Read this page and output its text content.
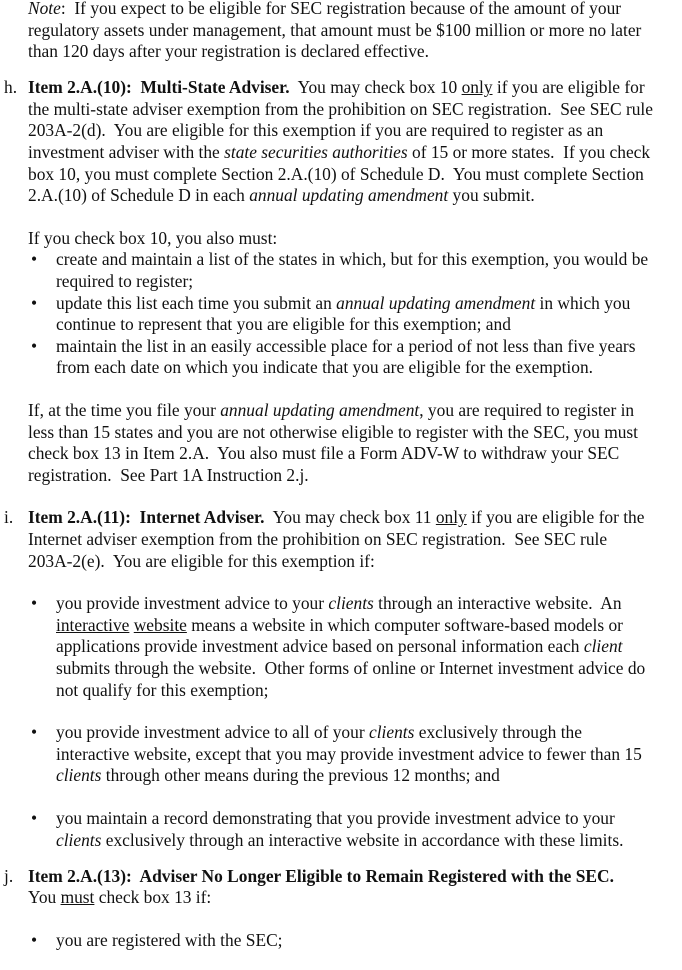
Note:  If you expect to be eligible for SEC registration because of the amount of your
regulatory assets under management, that amount must be $100 million or more no later
than 120 days after your registration is declared effective.
h. Item 2.A.(10):  Multi-State Adviser.  You may check box 10 only if you are eligible for
the multi-state adviser exemption from the prohibition on SEC registration.  See SEC rule
203A-2(d).  You are eligible for this exemption if you are required to register as an
investment adviser with the state securities authorities of 15 or more states.  If you check
box 10, you must complete Section 2.A.(10) of Schedule D.  You must complete Section
2.A.(10) of Schedule D in each annual updating amendment you submit.
If you check box 10, you also must:
• create and maintain a list of the states in which, but for this exemption, you would be
required to register;
• update this list each time you submit an annual updating amendment in which you
continue to represent that you are eligible for this exemption; and
• maintain the list in an easily accessible place for a period of not less than five years
from each date on which you indicate that you are eligible for the exemption.
If, at the time you file your annual updating amendment, you are required to register in
less than 15 states and you are not otherwise eligible to register with the SEC, you must
check box 13 in Item 2.A.  You also must file a Form ADV-W to withdraw your SEC
registration.  See Part 1A Instruction 2.j.
i. Item 2.A.(11):  Internet Adviser.  You may check box 11 only if you are eligible for the
Internet adviser exemption from the prohibition on SEC registration.  See SEC rule
203A-2(e).  You are eligible for this exemption if:
• you provide investment advice to your clients through an interactive website.  An
interactive website means a website in which computer software-based models or
applications provide investment advice based on personal information each client
submits through the website.  Other forms of online or Internet investment advice do
not qualify for this exemption;
• you provide investment advice to all of your clients exclusively through the
interactive website, except that you may provide investment advice to fewer than 15
clients through other means during the previous 12 months; and
• you maintain a record demonstrating that you provide investment advice to your
clients exclusively through an interactive website in accordance with these limits.
j. Item 2.A.(13):  Adviser No Longer Eligible to Remain Registered with the SEC.
You must check box 13 if:
• you are registered with the SEC;
